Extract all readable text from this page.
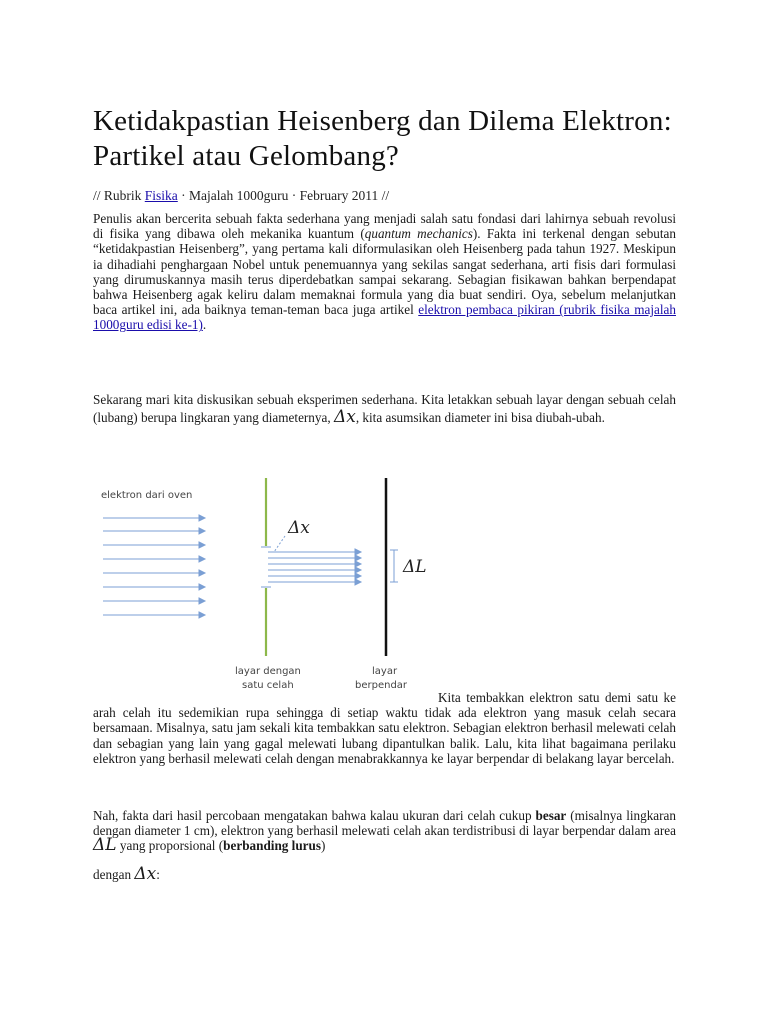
Ketidakpastian Heisenberg dan Dilema Elektron: Partikel atau Gelombang?
// Rubrik Fisika · Majalah 1000guru · February 2011 //

Penulis akan bercerita sebuah fakta sederhana yang menjadi salah satu fondasi dari lahirnya sebuah revolusi di fisika yang dibawa oleh mekanika kuantum (quantum mechanics). Fakta ini terkenal dengan sebutan “ketidakpastian Heisenberg”, yang pertama kali diformulasikan oleh Heisenberg pada tahun 1927. Meskipun ia dihadiahi penghargaan Nobel untuk penemuannya yang sekilas sangat sederhana, arti fisis dari formulasi yang dirumuskannya masih terus diperdebatkan sampai sekarang. Sebagian fisikawan bahkan berpendapat bahwa Heisenberg agak keliru dalam memaknai formula yang dia buat sendiri. Oya, sebelum melanjutkan baca artikel ini, ada baiknya teman-teman baca juga artikel elektron pembaca pikiran (rubrik fisika majalah 1000guru edisi ke-1).

Sekarang mari kita diskusikan sebuah eksperimen sederhana. Kita letakkan sebuah layar dengan sebuah celah (lubang) berupa lingkaran yang diameternya, Δx, kita asumsikan diameter ini bisa diubah-ubah.

Kita tembakkan elektron satu demi satu ke arah celah itu sedemikian rupa sehingga di setiap waktu tidak ada elektron yang masuk celah secara bersamaan. Misalnya, satu jam sekali kita tembakkan satu elektron. Sebagian elektron berhasil melewati celah dan sebagian yang lain yang gagal melewati lubang dipantulkan balik. Lalu, kita lihat bagaimana perilaku elektron yang berhasil melewati celah dengan menabrakkannya ke layar berpendar di belakang layar bercelah.

Nah, fakta dari hasil percobaan mengatakan bahwa kalau ukuran dari celah cukup besar (misalnya lingkaran dengan diameter 1 cm), elektron yang berhasil melewati celah akan terdistribusi di layar berpendar dalam area ΔL yang proporsional (berbanding lurus)
dengan Δx:

elektron dari oven
Δx
ΔL
layar dengan
satu celah
layar
berpendar
